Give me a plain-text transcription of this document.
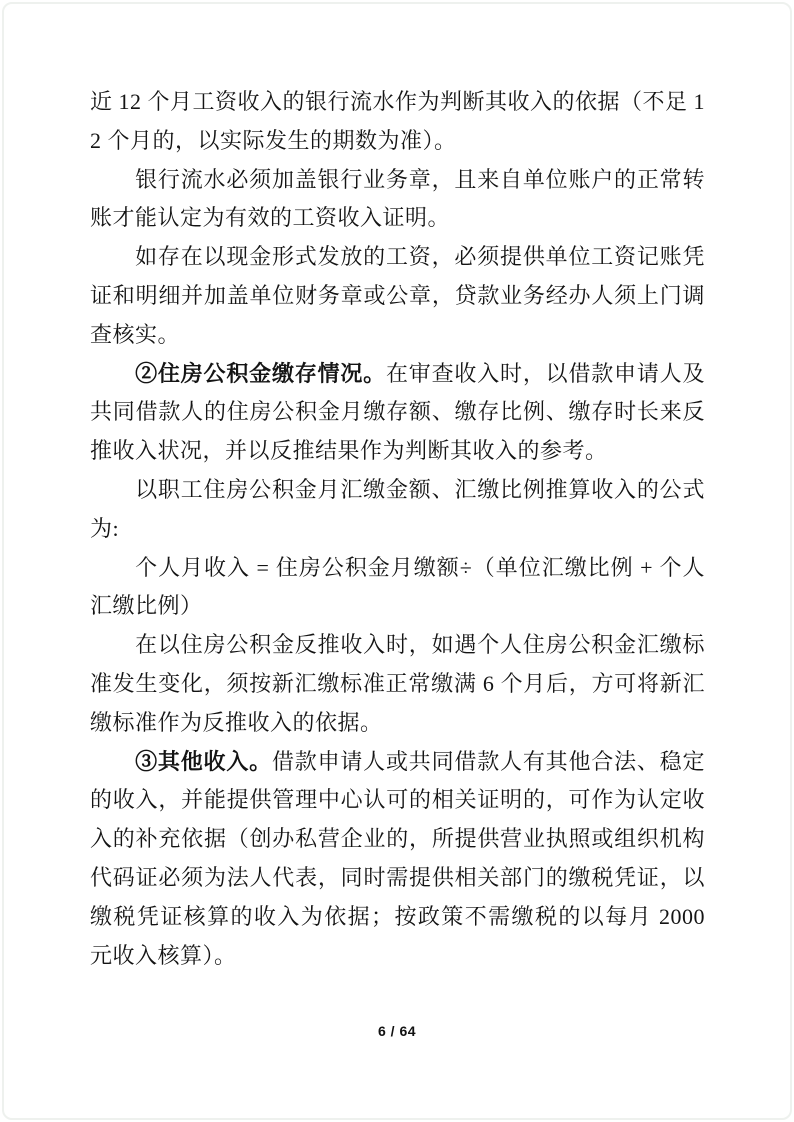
近 12 个月工资收入的银行流水作为判断其收入的依据（不足 12 个月的，以实际发生的期数为准）。

银行流水必须加盖银行业务章，且来自单位账户的正常转账才能认定为有效的工资收入证明。

如存在以现金形式发放的工资，必须提供单位工资记账凭证和明细并加盖单位财务章或公章，贷款业务经办人须上门调查核实。

②住房公积金缴存情况。在审查收入时，以借款申请人及共同借款人的住房公积金月缴存额、缴存比例、缴存时长来反推收入状况，并以反推结果作为判断其收入的参考。

以职工住房公积金月汇缴金额、汇缴比例推算收入的公式为:

个人月收入 = 住房公积金月缴额÷（单位汇缴比例 + 个人汇缴比例）

在以住房公积金反推收入时，如遇个人住房公积金汇缴标准发生变化，须按新汇缴标准正常缴满 6 个月后，方可将新汇缴标准作为反推收入的依据。

③其他收入。借款申请人或共同借款人有其他合法、稳定的收入，并能提供管理中心认可的相关证明的，可作为认定收入的补充依据（创办私营企业的，所提供营业执照或组织机构代码证必须为法人代表，同时需提供相关部门的缴税凭证，以缴税凭证核算的收入为依据；按政策不需缴税的以每月 2000 元收入核算）。

6 / 64
